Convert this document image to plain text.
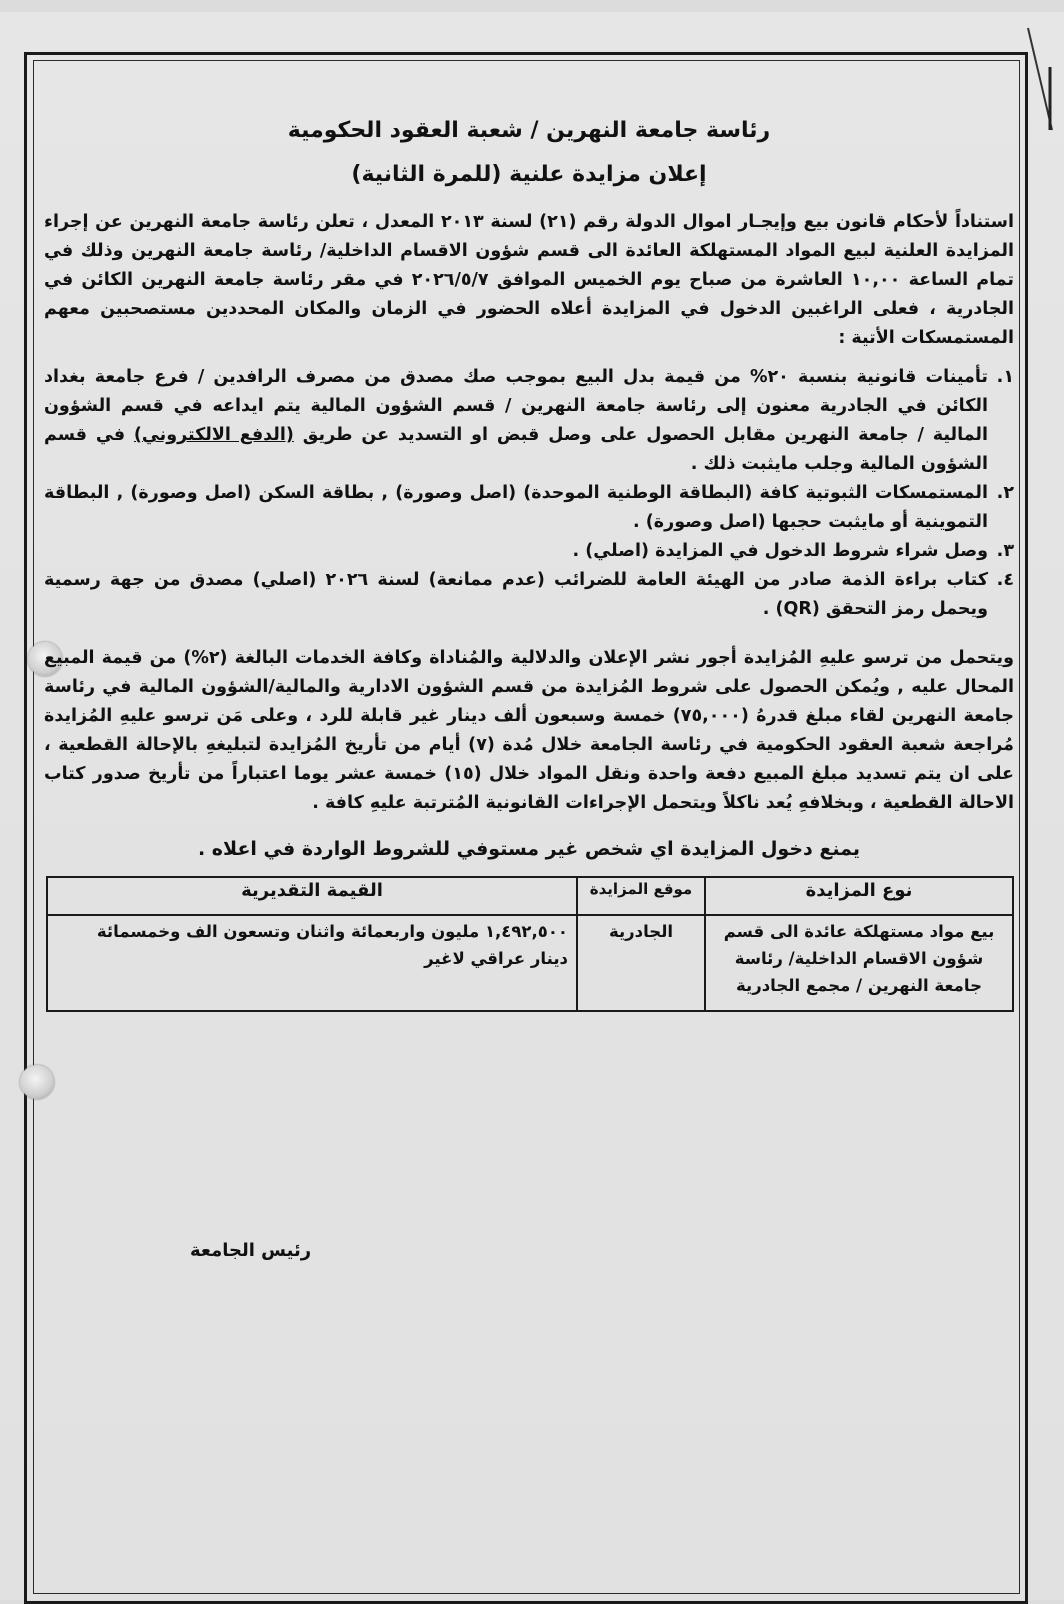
رئاسة جامعة النهرين / شعبة العقود الحكومية
إعلان مزايدة علنية (للمرة الثانية)

استناداً لأحكام قانون بيع وإيجـار اموال الدولة رقم (٢١) لسنة ٢٠١٣ المعدل ، تعلن رئاسة جامعة النهرين عن إجراء المزايدة العلنية لبيع المواد المستهلكة العائدة الى قسم شؤون الاقسام الداخلية/ رئاسة جامعة النهرين وذلك في تمام الساعة ١٠,٠٠ العاشرة من صباح يوم الخميس الموافق ٢٠٢٦/٥/٧ في مقر رئاسة جامعة النهرين الكائن في الجادرية ، فعلى الراغبين الدخول في المزايدة أعلاه الحضور في الزمان والمكان المحددين مستصحبين معهم المستمسكات الأتية :

١.
تأمينات قانونية بنسبة ٢٠% من قيمة بدل البيع بموجب صك مصدق من مصرف الرافدين / فرع جامعة بغداد الكائن في الجادرية معنون إلى رئاسة جامعة النهرين / قسم الشؤون المالية يتم ايداعه في قسم الشؤون المالية / جامعة النهرين مقابل الحصول على وصل قبض او التسديد عن طريق (الدفع الالكتروني) في قسم الشؤون المالية وجلب مايثبت ذلك .
٢.
المستمسكات الثبوتية كافة (البطاقة الوطنية الموحدة) (اصل وصورة) , بطاقة السكن (اصل وصورة) , البطاقة التموينية أو مايثبت حجبها (اصل وصورة) .
٣.
وصل شراء شروط الدخول في المزايدة (اصلي) .
٤.
كتاب براءة الذمة صادر من الهيئة العامة للضرائب (عدم ممانعة) لسنة ٢٠٢٦ (اصلي) مصدق من جهة رسمية ويحمل رمز التحقق (QR) .

ويتحمل من ترسو عليهِ المُزايدة أجور نشر الإعلان والدلالية والمُناداة وكافة الخدمات البالغة (٢%) من قيمة المبيع المحال عليه , ويُمكن الحصول على شروط المُزايدة من قسم الشؤون الادارية والمالية/الشؤون المالية في رئاسة جامعة النهرين لقاء مبلغ قدرهُ (٧٥,٠٠٠) خمسة وسبعون ألف دينار غير قابلة للرد ، وعلى مَن ترسو عليهِ المُزايدة مُراجعة شعبة العقود الحكومية في رئاسة الجامعة خلال مُدة (٧) أيام من تأريخ المُزايدة لتبليغهِ بالإحالة القطعية ، على ان يتم تسديد مبلغ المبيع دفعة واحدة ونقل المواد خلال (١٥) خمسة عشر يوما اعتباراً من تأريخ صدور كتاب الاحالة القطعية ، وبخلافهِ يُعد ناكلاً ويتحمل الإجراءات القانونية المُترتبة عليهِ كافة .

يمنع دخول المزايدة اي شخص غير مستوفي للشروط الواردة في اعلاه .

نوع المزايدة	موقع المزايدة	القيمة التقديرية
بيع مواد مستهلكة عائدة الى قسم شؤون الاقسام الداخلية/ رئاسة جامعة النهرين / مجمع الجادرية	الجادرية	١,٤٩٢,٥٠٠ مليون واربعمائة واثنان وتسعون الف وخمسمائة دينار عراقي لاغير
رئيس الجامعة
